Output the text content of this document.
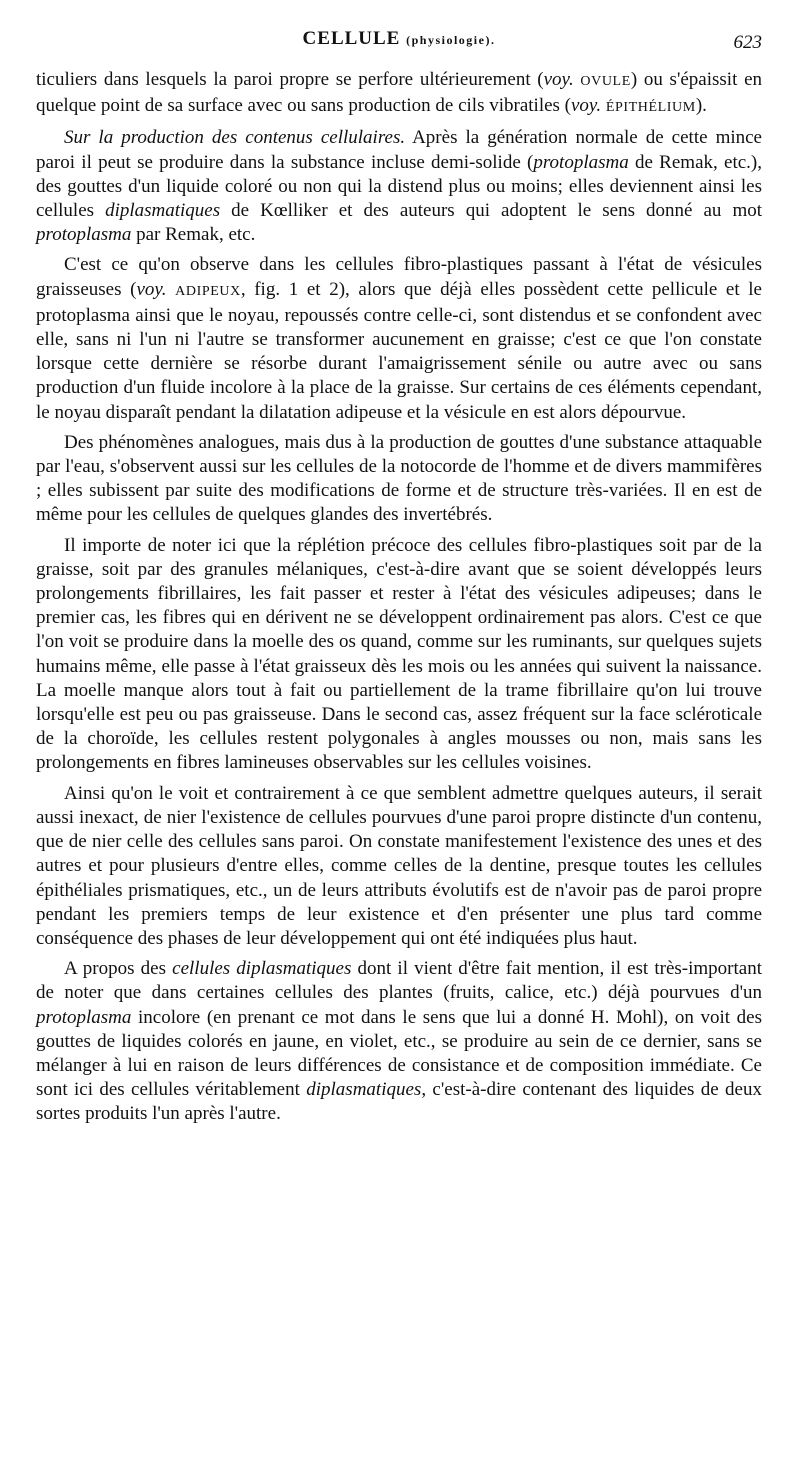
CELLULE (physiologie).	623

ticuliers dans lesquels la paroi propre se perfore ultérieurement (voy. OVULE) ou s'épaissit en quelque point de sa surface avec ou sans production de cils vibratiles (voy. ÉPITHÉLIUM).

Sur la production des contenus cellulaires. Après la génération normale de cette mince paroi il peut se produire dans la substance incluse demi-solide (protoplasma de Remak, etc.), des gouttes d'un liquide coloré ou non qui la distend plus ou moins; elles deviennent ainsi les cellules diplasmatiques de Kœlliker et des auteurs qui adoptent le sens donné au mot protoplasma par Remak, etc.

C'est ce qu'on observe dans les cellules fibro-plastiques passant à l'état de vésicules graisseuses (voy. ADIPEUX, fig. 1 et 2), alors que déjà elles possèdent cette pellicule et le protoplasma ainsi que le noyau, repoussés contre celle-ci, sont distendus et se confondent avec elle, sans ni l'un ni l'autre se transformer aucunement en graisse; c'est ce que l'on constate lorsque cette dernière se résorbe durant l'amaigrissement sénile ou autre avec ou sans production d'un fluide incolore à la place de la graisse. Sur certains de ces éléments cependant, le noyau disparaît pendant la dilatation adipeuse et la vésicule en est alors dépourvue.

Des phénomènes analogues, mais dus à la production de gouttes d'une substance attaquable par l'eau, s'observent aussi sur les cellules de la notocorde de l'homme et de divers mammifères ; elles subissent par suite des modifications de forme et de structure très-variées. Il en est de même pour les cellules de quelques glandes des invertébrés.

Il importe de noter ici que la réplétion précoce des cellules fibro-plastiques soit par de la graisse, soit par des granules mélaniques, c'est-à-dire avant que se soient développés leurs prolongements fibrillaires, les fait passer et rester à l'état des vésicules adipeuses; dans le premier cas, les fibres qui en dérivent ne se développent ordinairement pas alors. C'est ce que l'on voit se produire dans la moelle des os quand, comme sur les ruminants, sur quelques sujets humains même, elle passe à l'état graisseux dès les mois ou les années qui suivent la naissance. La moelle manque alors tout à fait ou partiellement de la trame fibrillaire qu'on lui trouve lorsqu'elle est peu ou pas graisseuse. Dans le second cas, assez fréquent sur la face scléroticale de la choroïde, les cellules restent polygonales à angles mousses ou non, mais sans les prolongements en fibres lamineuses observables sur les cellules voisines.

Ainsi qu'on le voit et contrairement à ce que semblent admettre quelques auteurs, il serait aussi inexact, de nier l'existence de cellules pourvues d'une paroi propre distincte d'un contenu, que de nier celle des cellules sans paroi. On constate manifestement l'existence des unes et des autres et pour plusieurs d'entre elles, comme celles de la dentine, presque toutes les cellules épithéliales prismatiques, etc., un de leurs attributs évolutifs est de n'avoir pas de paroi propre pendant les premiers temps de leur existence et d'en présenter une plus tard comme conséquence des phases de leur développement qui ont été indiquées plus haut.

A propos des cellules diplasmatiques dont il vient d'être fait mention, il est très-important de noter que dans certaines cellules des plantes (fruits, calice, etc.) déjà pourvues d'un protoplasma incolore (en prenant ce mot dans le sens que lui a donné H. Mohl), on voit des gouttes de liquides colorés en jaune, en violet, etc., se produire au sein de ce dernier, sans se mélanger à lui en raison de leurs différences de consistance et de composition immédiate. Ce sont ici des cellules véritablement diplasmatiques, c'est-à-dire contenant des liquides de deux sortes produits l'un après l'autre.
